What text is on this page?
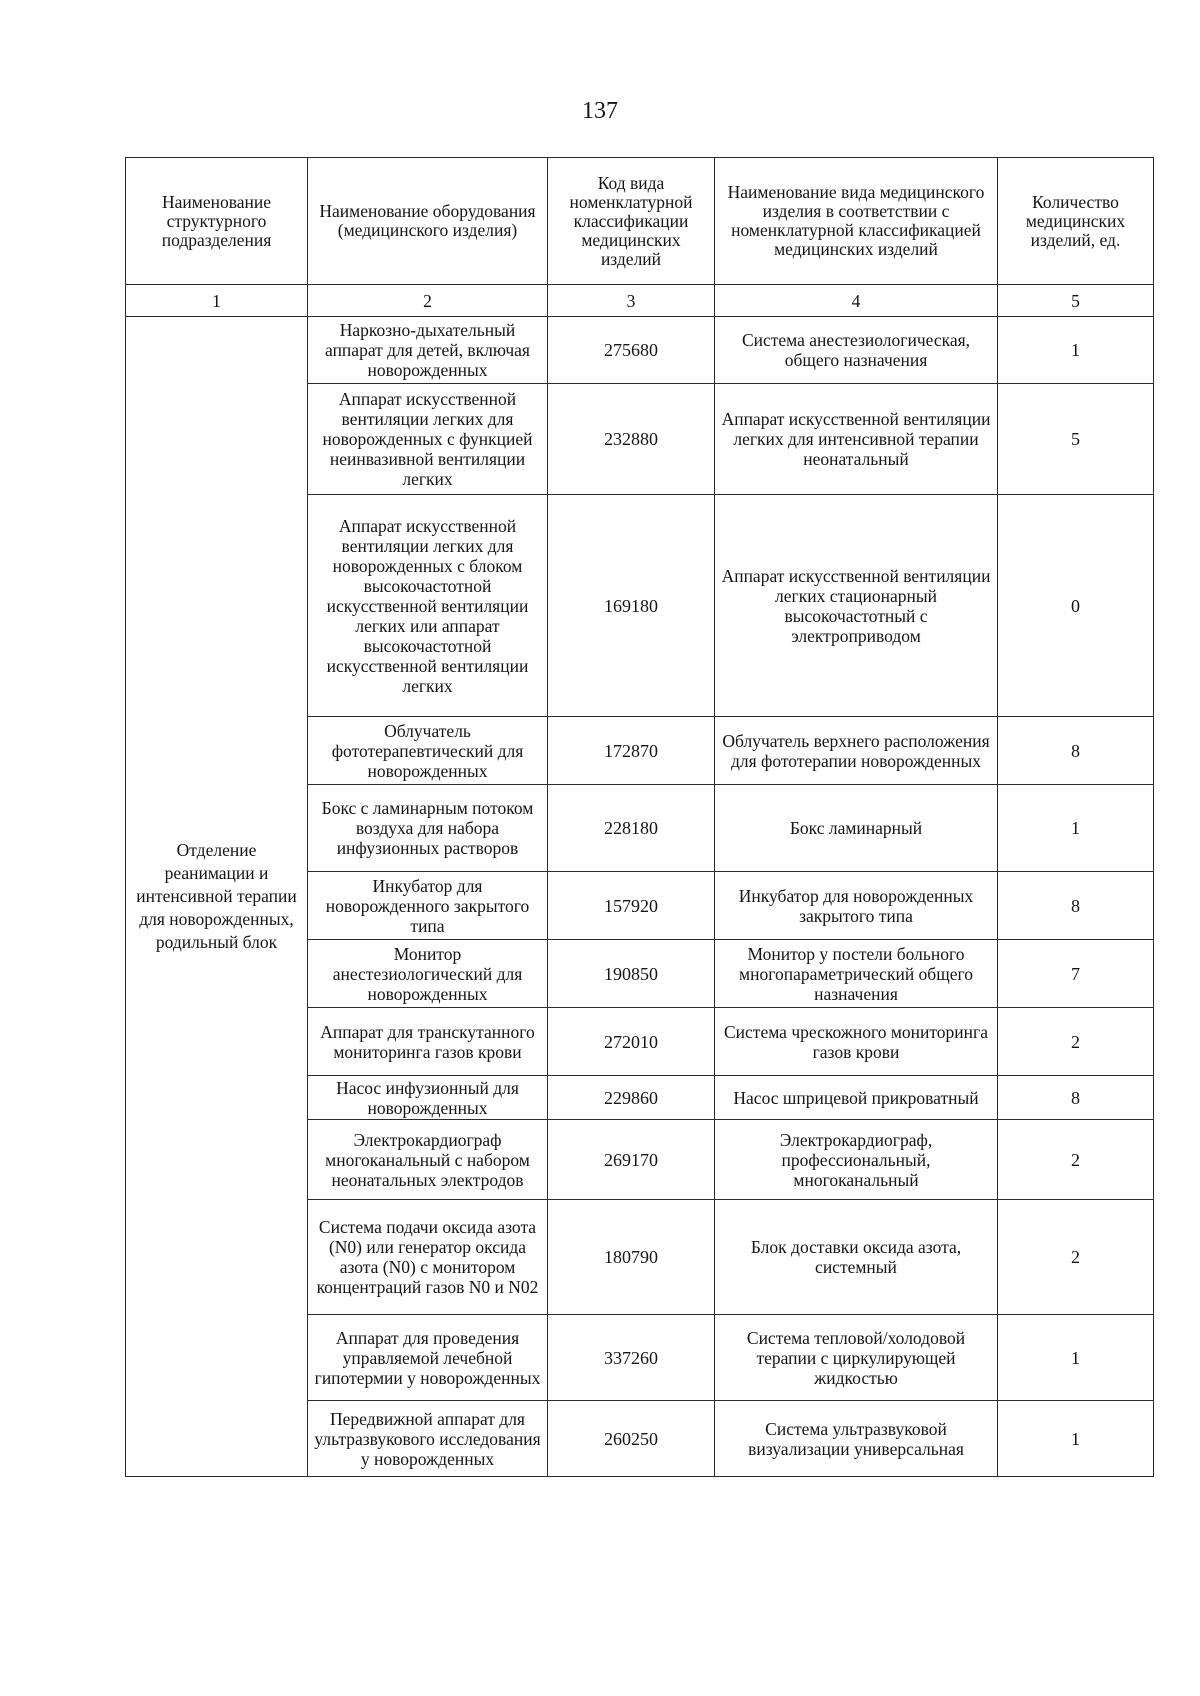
137
Наименование структурного подразделения	Наименование оборудования (медицинского изделия)	Код вида номенклатурной классификации медицинских изделий	Наименование вида медицинского изделия в соответствии с номенклатурной классификацией медицинских изделий	Количество медицинских изделий, ед.
1	2	3	4	5
Отделение реанимации и интенсивной терапии для новорожденных, родильный блок	Наркозно-дыхательный аппарат для детей, включая новорожденных	275680	Система анестезиологическая, общего назначения	1
	Аппарат искусственной вентиляции легких для новорожденных с функцией неинвазивной вентиляции легких	232880	Аппарат искусственной вентиляции легких для интенсивной терапии неонатальный	5
	Аппарат искусственной вентиляции легких для новорожденных с блоком высокочастотной искусственной вентиляции легких или аппарат высокочастотной искусственной вентиляции легких	169180	Аппарат искусственной вентиляции легких стационарный высокочастотный с электроприводом	0
	Облучатель фототерапевтический для новорожденных	172870	Облучатель верхнего расположения для фототерапии новорожденных	8
	Бокс с ламинарным потоком воздуха для набора инфузионных растворов	228180	Бокс ламинарный	1
	Инкубатор для новорожденного закрытого типа	157920	Инкубатор для новорожденных закрытого типа	8
	Монитор анестезиологический для новорожденных	190850	Монитор у постели больного многопараметрический общего назначения	7
	Аппарат для транскутанного мониторинга газов крови	272010	Система чрескожного мониторинга газов крови	2
	Насос инфузионный для новорожденных	229860	Насос шприцевой прикроватный	8
	Электрокардиограф многоканальный с набором неонатальных электродов	269170	Электрокардиограф, профессиональный, многоканальный	2
	Система подачи оксида азота (N0) или генератор оксида азота (N0) с монитором концентраций газов N0 и N02	180790	Блок доставки оксида азота, системный	2
	Аппарат для проведения управляемой лечебной гипотермии у новорожденных	337260	Система тепловой/холодовой терапии с циркулирующей жидкостью	1
	Передвижной аппарат для ультразвукового исследования у новорожденных	260250	Система ультразвуковой визуализации универсальная	1
